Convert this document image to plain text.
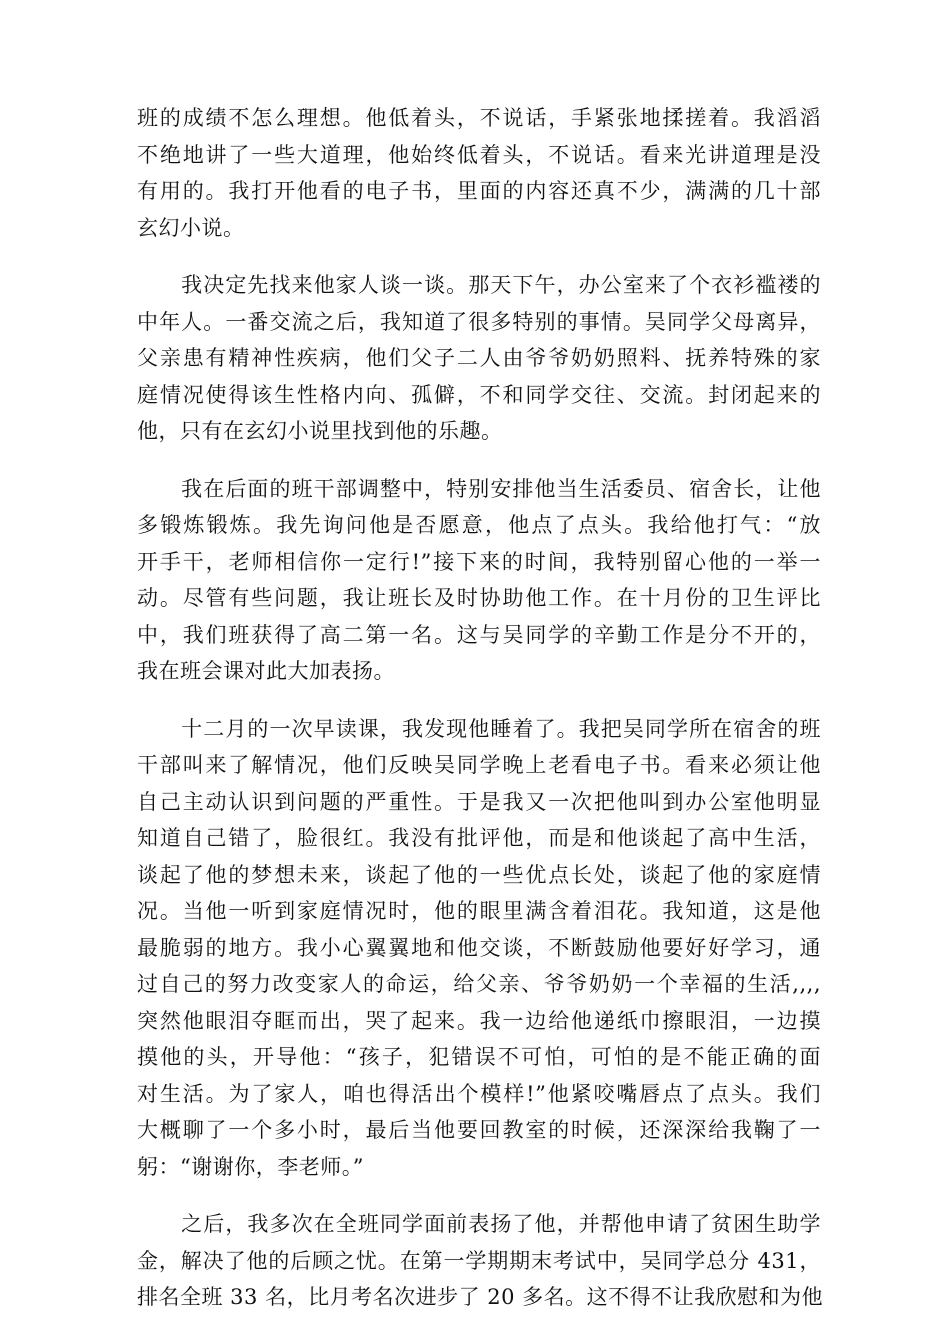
班的成绩不怎么理想。他低着头，不说话，手紧张地揉搓着。我滔滔
不绝地讲了一些大道理，他始终低着头，不说话。看来光讲道理是没
有用的。我打开他看的电子书，里面的内容还真不少，满满的几十部
玄幻小说。
　　我决定先找来他家人谈一谈。那天下午，办公室来了个衣衫褴褛的
中年人。一番交流之后，我知道了很多特别的事情。吴同学父母离异，
父亲患有精神性疾病，他们父子二人由爷爷奶奶照料、抚养特殊的家
庭情况使得该生性格内向、孤僻，不和同学交往、交流。封闭起来的
他，只有在玄幻小说里找到他的乐趣。
　　我在后面的班干部调整中，特别安排他当生活委员、宿舍长，让他
多锻炼锻炼。我先询问他是否愿意，他点了点头。我给他打气：“放
开手干，老师相信你一定行!”接下来的时间，我特别留心他的一举一
动。尽管有些问题，我让班长及时协助他工作。在十月份的卫生评比
中，我们班获得了高二第一名。这与吴同学的辛勤工作是分不开的，
我在班会课对此大加表扬。
　　十二月的一次早读课，我发现他睡着了。我把吴同学所在宿舍的班
干部叫来了解情况，他们反映吴同学晚上老看电子书。看来必须让他
自己主动认识到问题的严重性。于是我又一次把他叫到办公室他明显
知道自己错了，脸很红。我没有批评他，而是和他谈起了高中生活，
谈起了他的梦想未来，谈起了他的一些优点长处，谈起了他的家庭情
况。当他一听到家庭情况时，他的眼里满含着泪花。我知道，这是他
最脆弱的地方。我小心翼翼地和他交谈，不断鼓励他要好好学习，通
过自己的努力改变家人的命运，给父亲、爷爷奶奶一个幸福的生活,,,,
突然他眼泪夺眶而出，哭了起来。我一边给他递纸巾擦眼泪，一边摸
摸他的头，开导他：“孩子，犯错误不可怕，可怕的是不能正确的面
对生活。为了家人，咱也得活出个模样!”他紧咬嘴唇点了点头。我们
大概聊了一个多小时，最后当他要回教室的时候，还深深给我鞠了一
躬：“谢谢你，李老师。”
　　之后，我多次在全班同学面前表扬了他，并帮他申请了贫困生助学
金，解决了他的后顾之忧。在第一学期期末考试中，吴同学总分 431，
排名全班 33 名，比月考名次进步了 20 多名。这不得不让我欣慰和为他
